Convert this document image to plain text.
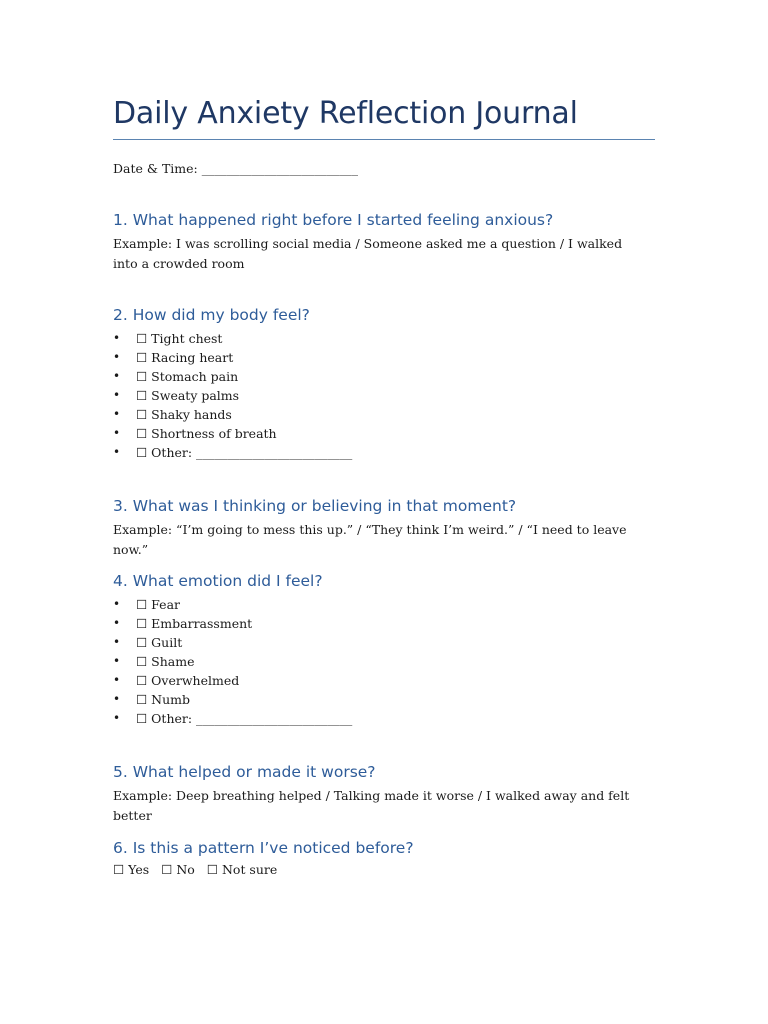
Daily Anxiety Reflection Journal
Date & Time: _________________________
1. What happened right before I started feeling anxious?
Example: I was scrolling social media / Someone asked me a question / I walked into a crowded room
2. How did my body feel?
• ☐ Tight chest
• ☐ Racing heart
• ☐ Stomach pain
• ☐ Sweaty palms
• ☐ Shaky hands
• ☐ Shortness of breath
• ☐ Other: _________________________
3. What was I thinking or believing in that moment?
Example: “I’m going to mess this up.” / “They think I’m weird.” / “I need to leave now.”
4. What emotion did I feel?
• ☐ Fear
• ☐ Embarrassment
• ☐ Guilt
• ☐ Shame
• ☐ Overwhelmed
• ☐ Numb
• ☐ Other: _________________________
5. What helped or made it worse?
Example: Deep breathing helped / Talking made it worse / I walked away and felt better
6. Is this a pattern I’ve noticed before?
☐ Yes ☐ No ☐ Not sure
